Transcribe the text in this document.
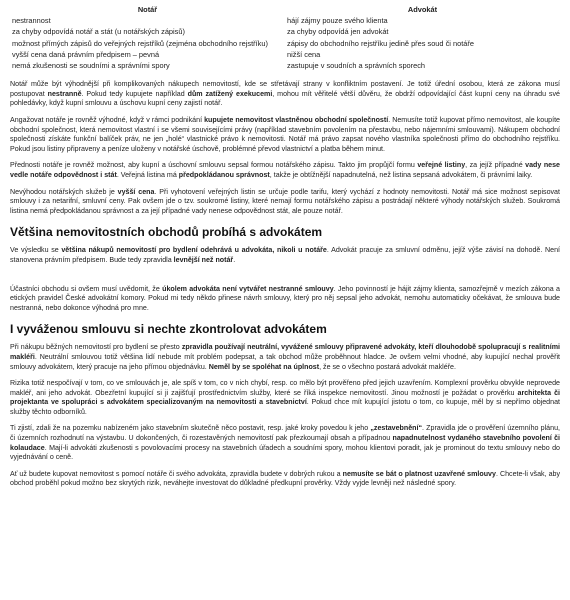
Notář	Advokát
nestrannost	hájí zájmy pouze svého klienta
za chyby odpovídá notář a stát (u notářských zápisů)	za chyby odpovídá jen advokát
možnost přímých zápisů do veřejných rejstříků (zejména obchodního rejstříku)	zápisy do obchodního rejstříku jedině přes soud či notáře
vyšší cena daná právním předpisem – pevná	nižší cena
nemá zkušenosti se soudními a správními spory	zastupuje v soudních a správních sporech

Notář může být výhodnější při komplikovaných nákupech nemovitostí, kde se střetávají strany v konfliktním postavení. Je totiž úřední osobou, která ze zákona musí postupovat nestranně. Pokud tedy kupujete například dům zatížený exekucemi, mohou mít věřitelé větší důvěru, že obdrží odpovídající část kupní ceny na úhradu své pohledávky, když kupní smlouvu a úschovu kupní ceny zajistí notář.

Angažovat notáře je rovněž výhodné, když v rámci podnikání kupujete nemovitost vlastněnou obchodní společností. Nemusíte totiž kupovat přímo nemovitost, ale koupíte obchodní společnost, která nemovitost vlastní i se všemi souvisejícími právy (například stavebním povolením na přestavbu, nebo nájemními smlouvami). Nákupem obchodní společnosti získáte funkční balíček práv, ne jen „holé“ vlastnické právo k nemovitosti. Notář má právo zapsat nového vlastníka společnosti přímo do obchodního rejstříku. Pokud jsou listiny připraveny a peníze uloženy v notářské úschově, problémné převod vlastnictví a platba během minut.

Přednosti notáře je rovněž možnost, aby kupní a úschovní smlouvu sepsal formou notářského zápisu. Takto jim propůjčí formu veřejné listiny, za jejíž případné vady nese vedle notáře odpovědnost i stát. Veřejná listina má předpokládanou správnost, takže je obtížnější napadnutelná, než listina sepsaná advokátem, či právními laiky.

Nevýhodou notářských služeb je vyšší cena. Při vyhotovení veřejných listin se určuje podle tarifu, který vychází z hodnoty nemovitosti. Notář má sice možnost sepisovat smlouvy i za netarifní, smluvní ceny. Pak ovšem jde o tzv. soukromé listiny, které nemají formu notářského zápisu a postrádají některé výhody notářských služeb. Soukromá listina nemá předpokládanou správnost a za její případné vady nenese odpovědnost stát, ale pouze notář.

Většina nemovitostních obchodů probíhá s advokátem

Ve výsledku se většina nákupů nemovitostí pro bydlení odehrává u advokáta, nikoli u notáře. Advokát pracuje za smluvní odměnu, jejíž výše závisí na dohodě. Není stanovena právním předpisem. Bude tedy zpravidla levnější než notář.

Účastníci obchodu si ovšem musí uvědomit, že úkolem advokáta není vytvářet nestranné smlouvy. Jeho povinností je hájit zájmy klienta, samozřejmě v mezích zákona a etických pravidel České advokátní komory. Pokud mi tedy někdo přinese návrh smlouvy, který pro něj sepsal jeho advokát, nemohu automaticky očekávat, že smlouva bude nestranná, nebo dokonce výhodná pro mne.

I vyváženou smlouvu si nechte zkontrolovat advokátem

Při nákupu běžných nemovitostí pro bydlení se přesto zpravidla používají neutrální, vyvážené smlouvy připravené advokáty, kteří dlouhodobě spolupracují s realitními makléři. Neutrální smlouvou totiž většina lidí nebude mít problém podepsat, a tak obchod může proběhnout hladce. Je ovšem velmi vhodné, aby kupující nechal prověřit smlouvy advokátem, který pracuje na jeho přímou objednávku. Neměl by se spoléhat na úplnost, že se o všechno postará advokát makléře.

Rizika totiž nespočívají v tom, co ve smlouvách je, ale spíš v tom, co v nich chybí, resp. co mělo být prověřeno před jejich uzavřením. Komplexní prověrku obvykle neprovede makléř, ani jeho advokát. Obezřetní kupující si ji zajišťují prostřednictvím služby, které se říká inspekce nemovitostí. Jinou možností je požádat o prověrku architekta či projektanta ve spolupráci s advokátem specializovaným na nemovitosti a stavebnictví. Pokud chce mít kupující jistotu o tom, co kupuje, měl by si nepřímo objednat služby těchto odborníků.

Ti zjistí, zdali že na pozemku nabízeném jako stavebním skutečně něco postavit, resp. jaké kroky povedou k jeho „zestavebnění“. Zpravidla jde o prověření územního plánu, či územních rozhodnutí na výstavbu. U dokončených, či rozestavěných nemovitostí pak přezkoumají obsah a případnou napadnutelnost vydaného stavebního povolení či kolaudace. Mají-li advokáti zkušenosti s povolovacími procesy na stavebních úřadech a soudními spory, mohou klientovi poradit, jak je prominout do textu smlouvy nebo do vyjednávání o ceně.

Ať už budete kupovat nemovitost s pomocí notáře či svého advokáta, zpravidla budete v dobrých rukou a nemusíte se bát o platnost uzavřené smlouvy. Chcete-li však, aby obchod proběhl pokud možno bez skrytých rizik, neváhejte investovat do důkladné předkupní prověrky. Vždy vyjde levněji než následné spory.
